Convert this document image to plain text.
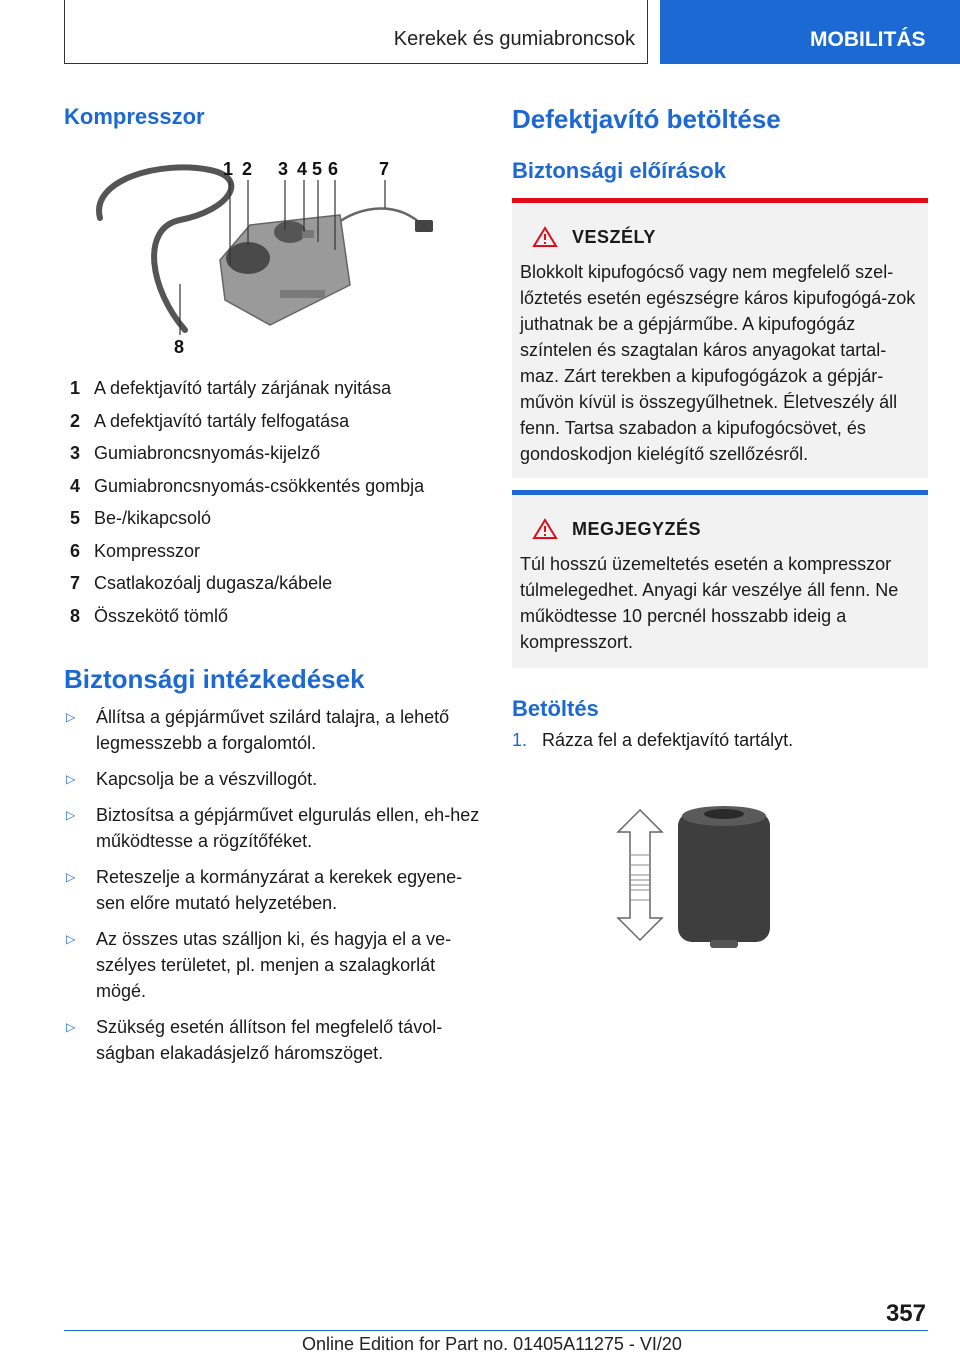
Kerekek és gumiabroncsok	MOBILITÁS
Kompresszor
1 2 3 4 5 6 7
8
1 A defektjavító tartály zárjának nyitása
2 A defektjavító tartály felfogatása
3 Gumiabroncsnyomás-kijelző
4 Gumiabroncsnyomás-csökkentés gombja
5 Be-/kikapcsoló
6 Kompresszor
7 Csatlakozóalj dugasza/kábele
8 Összekötő tömlő
Biztonsági intézkedések
▷	Állítsa a gépjárművet szilárd talajra, a lehető legmesszebb a forgalomtól.
▷	Kapcsolja be a vészvillogót.
▷	Biztosítsa a gépjárművet elgurulás ellen, eh-hez működtesse a rögzítőféket.
▷	Reteszelje a kormányzárat a kerekek egyene-sen előre mutató helyzetében.
▷	Az összes utas szálljon ki, és hagyja el a ve-szélyes területet, pl. menjen a szalagkorlát mögé.
▷	Szükség esetén állítson fel megfelelő távol-ságban elakadásjelző háromszöget.
Defektjavító betöltése
Biztonsági előírások
VESZÉLY
Blokkolt kipufogócső vagy nem megfelelő szel-lőztetés esetén egészségre káros kipufogógá-zok juthatnak be a gépjárműbe. A kipufogógáz színtelen és szagtalan káros anyagokat tartal-maz. Zárt terekben a kipufogógázok a gépjár-művön kívül is összegyűlhetnek. Életveszély áll fenn. Tartsa szabadon a kipufogócsövet, és gondoskodjon kielégítő szellőzésről.
MEGJEGYZÉS
Túl hosszú üzemeltetés esetén a kompresszor túlmelegedhet. Anyagi kár veszélye áll fenn. Ne működtesse 10 percnél hosszabb ideig a kompresszort.
Betöltés
1. Rázza fel a defektjavító tartályt.
357
Online Edition for Part no. 01405A11275 - VI/20
